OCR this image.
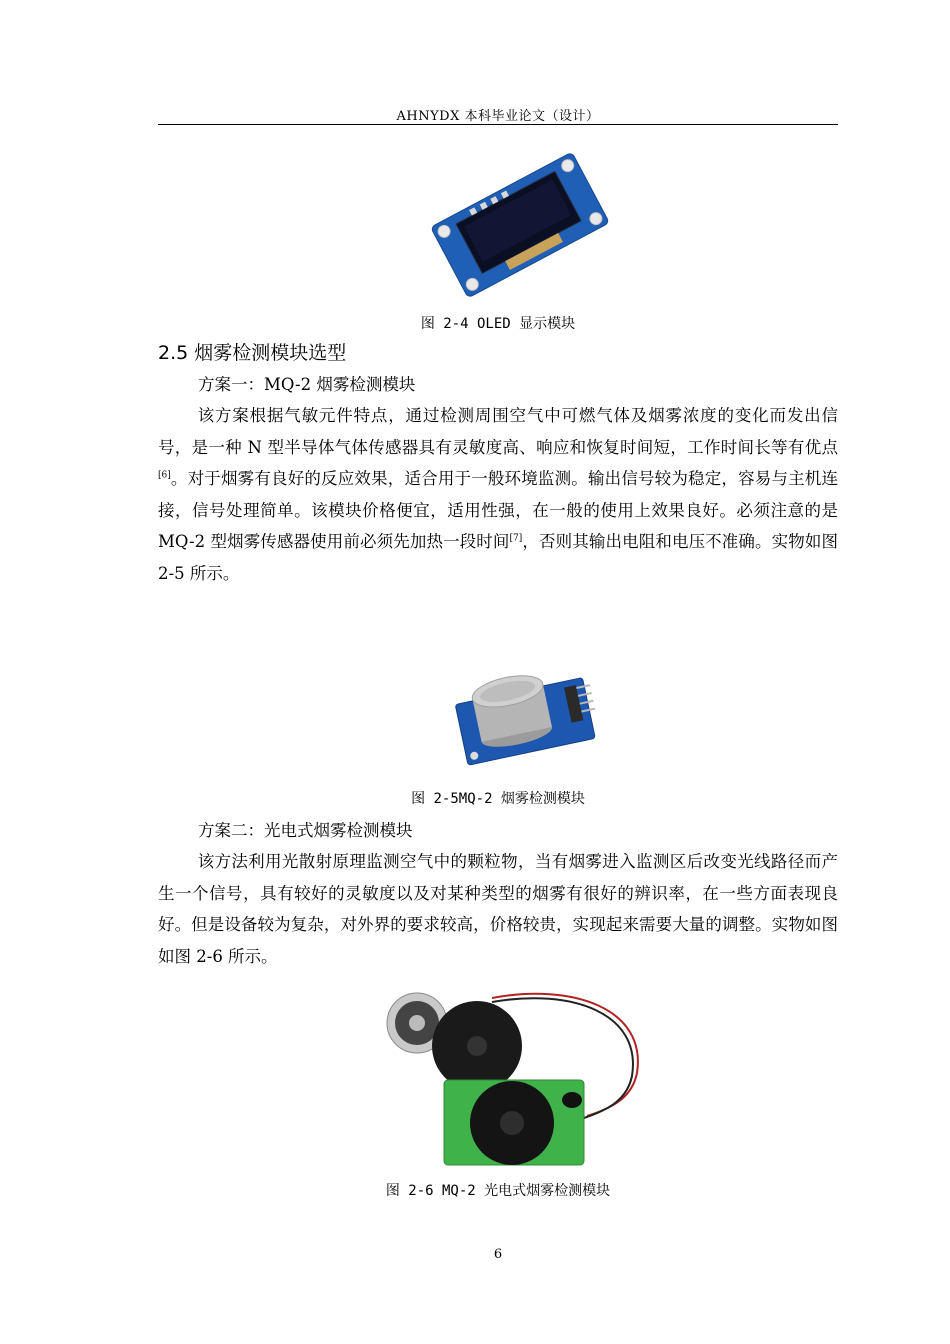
AHNYDX 本科毕业论文（设计）
图 2-4 OLED 显示模块
2.5 烟雾检测模块选型
方案一：MQ-2 烟雾检测模块

该方案根据气敏元件特点，通过检测周围空气中可燃气体及烟雾浓度的变化而发出信号，是一种 N 型半导体气体传感器具有灵敏度高、响应和恢复时间短，工作时间长等有优点[6]。对于烟雾有良好的反应效果，适合用于一般环境监测。输出信号较为稳定，容易与主机连接，信号处理简单。该模块价格便宜，适用性强，在一般的使用上效果良好。必须注意的是 MQ-2 型烟雾传感器使用前必须先加热一段时间[7]，否则其输出电阻和电压不准确。实物如图 2-5 所示。

图 2-5MQ-2 烟雾检测模块
方案二：光电式烟雾检测模块

该方法利用光散射原理监测空气中的颗粒物，当有烟雾进入监测区后改变光线路径而产生一个信号，具有较好的灵敏度以及对某种类型的烟雾有很好的辨识率，在一些方面表现良好。但是设备较为复杂，对外界的要求较高，价格较贵，实现起来需要大量的调整。实物如图如图 2-6 所示。

图 2-6 MQ-2 光电式烟雾检测模块
6
